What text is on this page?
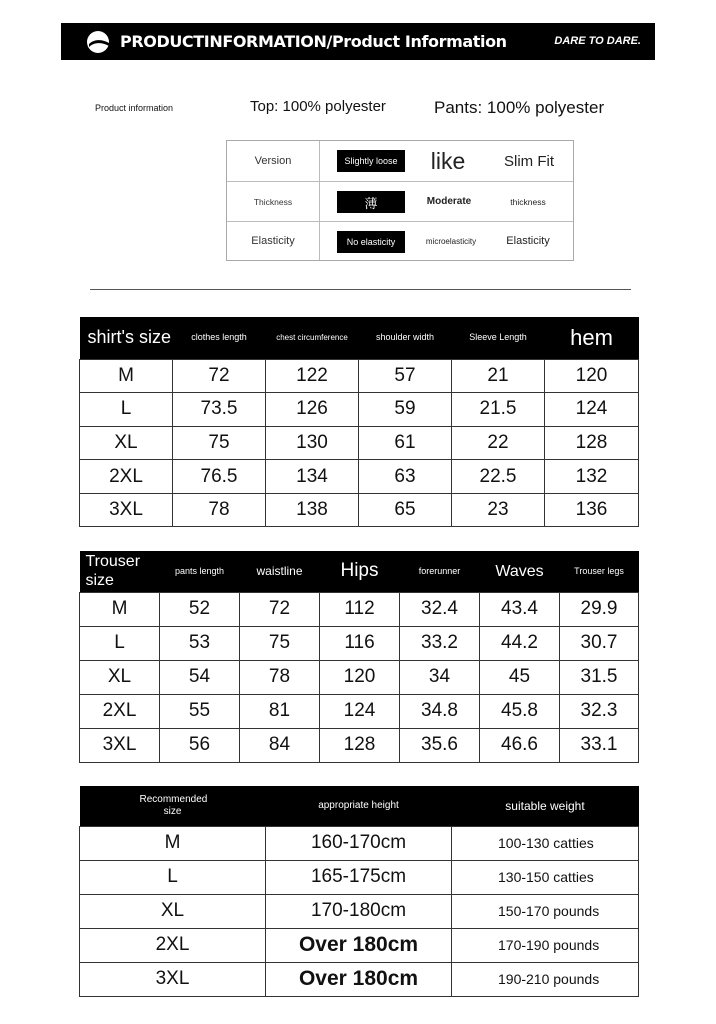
PRODUCTINFORMATION/Product Information	DARE TO DARE.
Product information	Top: 100% polyester	Pants: 100% polyester
Version	Slightly loose	like	Slim Fit
Thickness	薄	Moderate	thickness
Elasticity	No elasticity	microelasticity	Elasticity
shirt's size	clothes length	chest circumference	shoulder width	Sleeve Length	hem
M	72	122	57	21	120
L	73.5	126	59	21.5	124
XL	75	130	61	22	128
2XL	76.5	134	63	22.5	132
3XL	78	138	65	23	136
Trouser size	pants length	waistline	Hips	forerunner	Waves	Trouser legs
M	52	72	112	32.4	43.4	29.9
L	53	75	116	33.2	44.2	30.7
XL	54	78	120	34	45	31.5
2XL	55	81	124	34.8	45.8	32.3
3XL	56	84	128	35.6	46.6	33.1
Recommended size	appropriate height	suitable weight
M	160-170cm	100-130 catties
L	165-175cm	130-150 catties
XL	170-180cm	150-170 pounds
2XL	Over 180cm	170-190 pounds
3XL	Over 180cm	190-210 pounds
